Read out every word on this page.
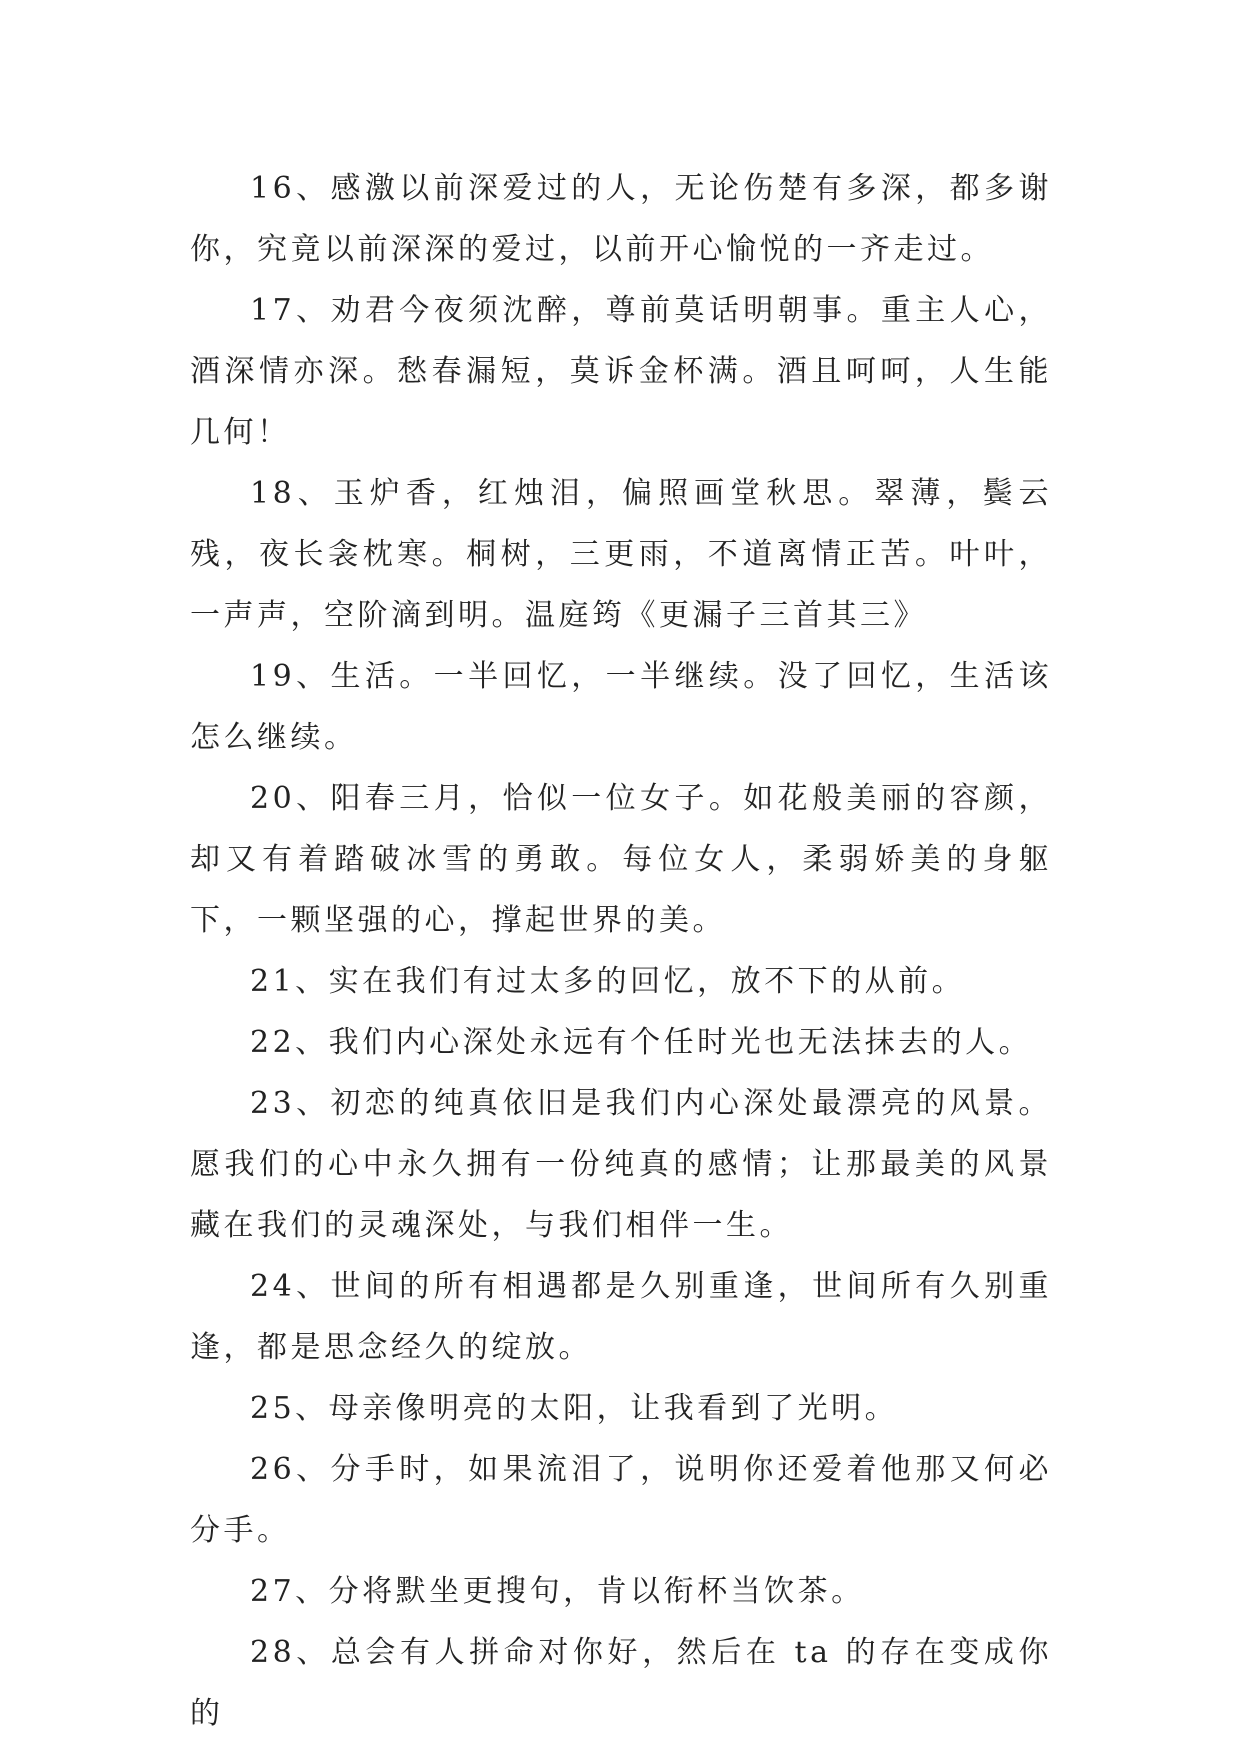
16、感激以前深爱过的人，无论伤楚有多深，都多谢你，究竟以前深深的爱过，以前开心愉悦的一齐走过。

17、劝君今夜须沈醉，尊前莫话明朝事。重主人心，酒深情亦深。愁春漏短，莫诉金杯满。酒且呵呵，人生能几何！

18、玉炉香，红烛泪，偏照画堂秋思。翠薄，鬓云残，夜长衾枕寒。桐树，三更雨，不道离情正苦。叶叶，一声声，空阶滴到明。温庭筠《更漏子三首其三》

19、生活。一半回忆，一半继续。没了回忆，生活该怎么继续。

20、阳春三月，恰似一位女子。如花般美丽的容颜，却又有着踏破冰雪的勇敢。每位女人，柔弱娇美的身躯下，一颗坚强的心，撑起世界的美。

21、实在我们有过太多的回忆，放不下的从前。

22、我们内心深处永远有个任时光也无法抹去的人。

23、初恋的纯真依旧是我们内心深处最漂亮的风景。愿我们的心中永久拥有一份纯真的感情；让那最美的风景藏在我们的灵魂深处，与我们相伴一生。

24、世间的所有相遇都是久别重逢，世间所有久别重逢，都是思念经久的绽放。

25、母亲像明亮的太阳，让我看到了光明。

26、分手时，如果流泪了，说明你还爱着他那又何必分手。

27、分将默坐更搜句，肯以衔杯当饮茶。

28、总会有人拼命对你好，然后在 ta 的存在变成你的
